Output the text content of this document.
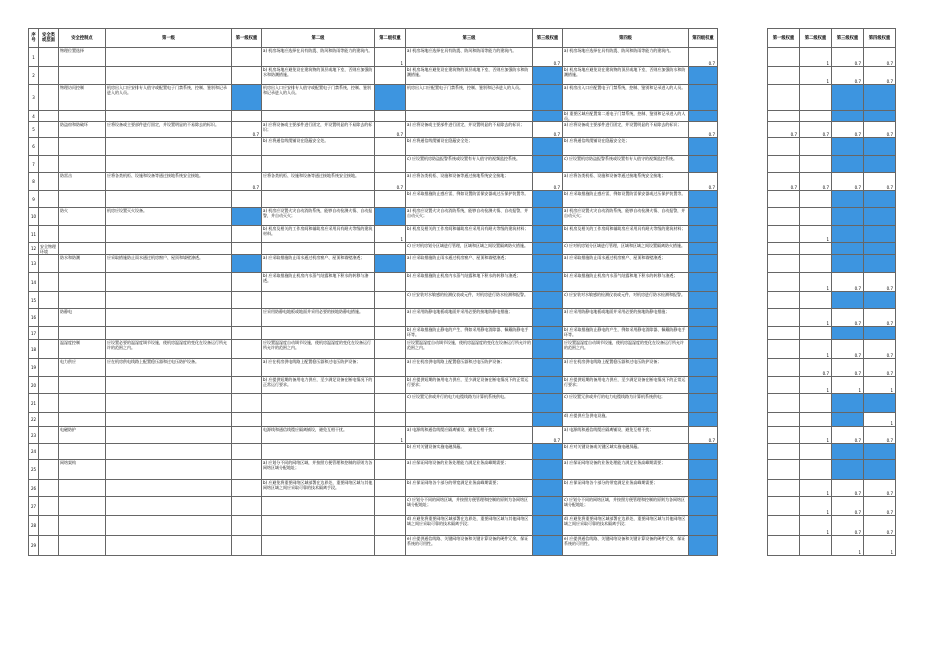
序号	安全类或层面	安全控制点	第一级	第一级权重	第二级	第二级权重	第三级	第三级权重	第四级	第四级权重		第一级权重	第二级权重	第三级权重	第四级权重
1		物理位置选择			a) 机房场地应选择在具有防震、防风和防雨等能力的建筑内。	1	a) 机房场地应选择在具有防震、防风和防雨等能力的建筑内。	0.7	a) 机房场地应选择在具有防震、防风和防雨等能力的建筑内。	0.7			1	0.7	0.7
2					b) 机房场地应避免设在建筑物的顶层或地下室，否则应加强防水和防潮措施。		b) 机房场地应避免设在建筑物的顶层或地下室，否则应加强防水和防潮措施。		b) 机房场地应避免设在建筑物的顶层或地下室，否则应加强防水和防潮措施。				1	0.7	0.7
3		物理访问控制	机房出入口应安排专人值守或配置电子门禁系统，控制、鉴别和记录进入的人员。		机房出入口应安排专人值守或配置电子门禁系统，控制、鉴别和记录进入的人员。		机房出入口应配置电子门禁系统，控制、鉴别和记录进入的人员。		a) 机房出入口应配置电子门禁系统，控制、鉴别和记录进入的人员。						
4									b) 重要区域应配置第二道电子门禁系统，控制、鉴别和记录进入的人员。						
5		防盗窃和防破坏	应将设备或主要部件进行固定，并设置明显的不易除去的标识。	0.7	a) 应将设备或主要部件进行固定，并设置明显的不易除去的标识；	0.7	a) 应将设备或主要部件进行固定，并设置明显的不易除去的标识；	0.7	a) 应将设备或主要部件进行固定，并设置明显的不易除去的标识；	0.7		0.7	0.7	0.7	0.7
6					b) 应将通信线缆铺设在隐蔽安全处。		b) 应将通信线缆铺设在隐蔽安全处；		b) 应将通信线缆铺设在隐蔽安全处；						
7							c) 应设置机房防盗报警系统或设置有专人值守的视频监控系统。		c) 应设置机房防盗报警系统或设置有专人值守的视频监控系统。						
8		防雷击	应将各类机柜、设施和设备等通过接地系统安全接地。	0.7	应将各类机柜、设施和设备等通过接地系统安全接地。	0.7	a) 应将各类机柜、设施和设备等通过接地系统安全接地；	0.7	a) 应将各类机柜、设施和设备等通过接地系统安全接地；	0.7		0.7	0.7	0.7	0.7
9							b) 应采取措施防止感应雷，例如设置防雷保安器或过压保护装置等。		b) 应采取措施防止感应雷，例如设置防雷保安器或过压保护装置等。						
10		防火	机房应设置灭火设备。		a) 机房应设置火灾自动消防系统，能够自动检测火情、自动报警，并自动灭火；		a) 机房应设置火灾自动消防系统，能够自动检测火情、自动报警，并自动灭火；		a) 机房应设置火灾自动消防系统，能够自动检测火情、自动报警，并自动灭火；						
11					b) 机房及相关的工作房间和辅助房应采用具有耐火等级的建筑材料。	1	b) 机房及相关的工作房间和辅助房应采用具有耐火等级的建筑材料；		b) 机房及相关的工作房间和辅助房应采用具有耐火等级的建筑材料；				1		
12	安全物理环境						c) 应对机房划分区域进行管理，区域和区域之间设置隔离防火措施。		c) 应对机房划分区域进行管理，区域和区域之间设置隔离防火措施。						
13		防水和防潮	应采取措施防止雨水通过机房窗户、屋顶和墙壁渗透。		a) 应采取措施防止雨水通过机房窗户、屋顶和墙壁渗透；		a) 应采取措施防止雨水通过机房窗户、屋顶和墙壁渗透；		a) 应采取措施防止雨水通过机房窗户、屋顶和墙壁渗透；						
14					b) 应采取措施防止机房内水蒸气结露和地下积水的转移与渗透。		b) 应采取措施防止机房内水蒸气结露和地下积水的转移与渗透；		b) 应采取措施防止机房内水蒸气结露和地下积水的转移与渗透；				1	0.7	0.7
15							c) 应安装对水敏感的检测仪表或元件，对机房进行防水检测和报警。		c) 应安装对水敏感的检测仪表或元件，对机房进行防水检测和报警。						
16		防静电			应采用防静电地板或地面并采用必要的接地防静电措施。		a) 应采用防静电地板或地面并采用必要的接地防静电措施；		a) 应采用防静电地板或地面并采用必要的接地防静电措施；				1	0.7	0.7
17							b) 应采取措施防止静电的产生，例如采用静电消除器、佩戴防静电手环等。		b) 应采取措施防止静电的产生，例如采用静电消除器、佩戴防静电手环等。						
18		温湿度控制	应设置必要的温湿度调节设施，使机房温湿度的变化在设备运行所允许的范围之内。		应设置温湿度自动调节设施，使机房温湿度的变化在设备运行所允许的范围之内。		应设置温湿度自动调节设施，使机房温湿度的变化在设备运行所允许的范围之内。		应设置温湿度自动调节设施，使机房温湿度的变化在设备运行所允许的范围之内。				1	0.7	0.7
19		电力供应	应在机房供电线路上配置稳压器和过电压防护设备。		a) 应在机房供电线路上配置稳压器和过电压防护设备；		a) 应在机房供电线路上配置稳压器和过电压防护设备；		a) 应在机房供电线路上配置稳压器和过电压防护设备；				0.7	0.7	0.7
20					b) 应提供短期的备用电力供应，至少满足设备在断电情况下的正常运行要求。		b) 应提供短期的备用电力供应，至少满足设备在断电情况下的正常运行要求；		b) 应提供短期的备用电力供应，至少满足设备在断电情况下的正常运行要求；				1	1	1
21							c) 应设置冗余或并行的电力电缆线路为计算机系统供电。		c) 应设置冗余或并行的电力电缆线路为计算机系统供电；						
22									d) 应提供应急供电设施。						1
23		电磁防护			电源线和通信线缆应隔离铺设，避免互相干扰。	1	a) 电源线和通信线缆应隔离铺设，避免互相干扰；	0.7	a) 电源线和通信线缆应隔离铺设，避免互相干扰；	0.7			1	0.7	0.7
24							b) 应对关键设备实施电磁屏蔽。		b) 应对关键设备或关键区域实施电磁屏蔽。						
25		网络架构			a) 应划分不同的网络区域，并按照方便管理和控制的原则为各网络区域分配地址；		a) 应保证网络设备的业务处理能力满足业务高峰期需要；		a) 应保证网络设备的业务处理能力满足业务高峰期需要；						
26					b) 应避免将重要网络区域部署在边界处，重要网络区域与其他网络区域之间应采取可靠的技术隔离手段。		b) 应保证网络各个部分的带宽满足业务高峰期需要；		b) 应保证网络各个部分的带宽满足业务高峰期需要；				1	0.7	0.7
27							c) 应划分不同的网络区域，并按照方便管理和控制的原则为各网络区域分配地址；		c) 应划分不同的网络区域，并按照方便管理和控制的原则为各网络区域分配地址；				1	0.7	0.7
28							d) 应避免将重要网络区域部署在边界处，重要网络区域与其他网络区域之间应采取可靠的技术隔离手段；		d) 应避免将重要网络区域部署在边界处，重要网络区域与其他网络区域之间应采取可靠的技术隔离手段；				1	0.7	0.7
29							e) 应提供通信线路、关键网络设备和关键计算设备的硬件冗余，保证系统的可用性。		e) 应提供通信线路、关键网络设备和关键计算设备的硬件冗余，保证系统的可用性。					1	1
